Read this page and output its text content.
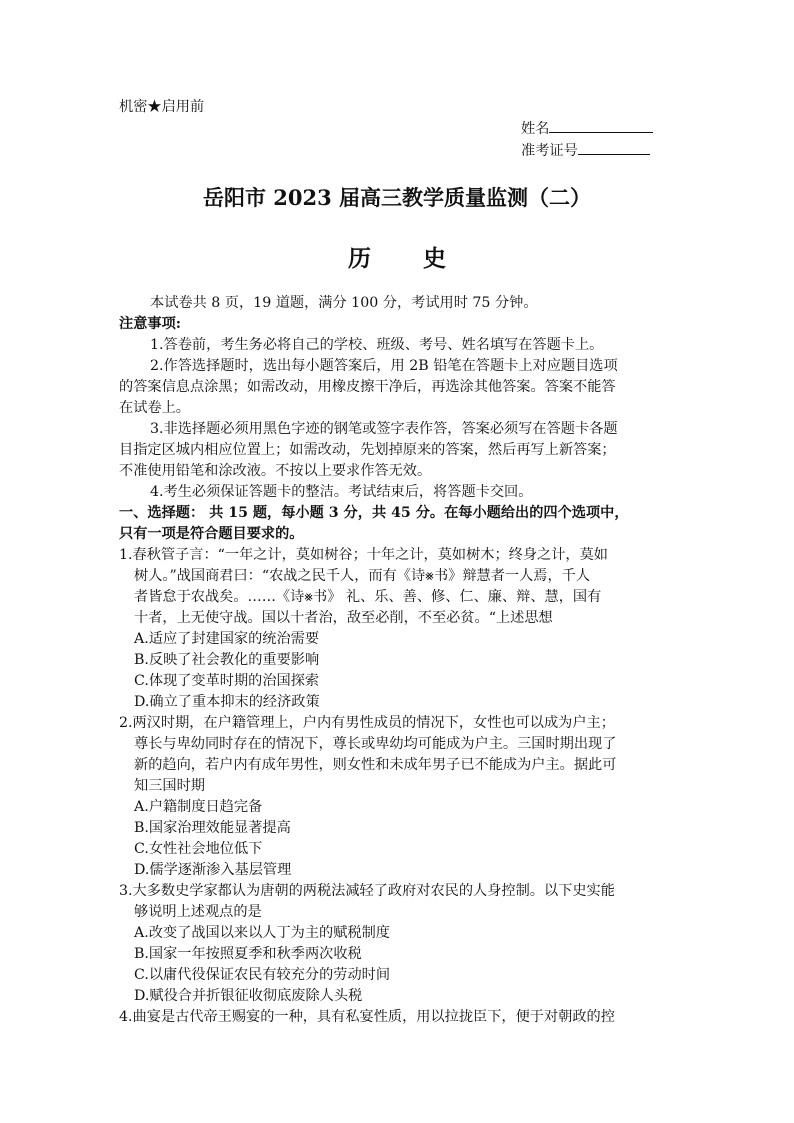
机密★启用前
姓名
准考证号
岳阳市 2023 届高三教学质量监测（二）
历 史
本试卷共 8 页，19 道题，满分 100 分，考试用时 75 分钟。
注意事项:
1.答卷前，考生务必将自己的学校、班级、考号、姓名填写在答题卡上。
2.作答选择题时，选出每小题答案后，用 2B 铅笔在答题卡上对应题目选项
的答案信息点涂黑；如需改动，用橡皮擦干净后，再选涂其他答案。答案不能答
在试卷上。
3.非选择题必须用黑色字迹的钢笔或签字表作答，答案必须写在答题卡各题
目指定区城内相应位置上；如需改动，先划掉原来的答案，然后再写上新答案；
不准使用铅笔和涂改液。不按以上要求作答无效。
4.考生必须保证答题卡的整洁。考试结束后，将答题卡交回。
一、选择题： 共 15 题，每小题 3 分，共 45 分。在每小题给出的四个选项中，
只有一项是符合题目要求的。
1.春秋管子言：“一年之计，莫如树谷；十年之计，莫如树木；终身之计，莫如
树人。”战国商君曰：“农战之民千人，而有《诗⨳书》辩慧者一人焉，千人
者皆怠于农战矣。……《诗⨳书》 礼、乐、善、修、仁、廉、辩、慧，国有
十者，上无使守战。国以十者治，敌至必削，不至必贫。“上述思想
A.适应了封建国家的统治需要
B.反映了社会教化的重要影响
C.体现了变革时期的治国探索
D.确立了重本抑末的经济政策
2.两汉时期，在户籍管理上，户内有男性成员的情况下，女性也可以成为户主；
尊长与卑幼同时存在的情况下，尊长或卑幼均可能成为户主。三国时期出现了
新的趋向，若户内有成年男性，则女性和未成年男子已不能成为户主。据此可
知三国时期
A.户籍制度日趋完备
B.国家治理效能显著提高
C.女性社会地位低下
D.儒学逐渐渗入基层管理
3.大多数史学家都认为唐朝的两税法减轻了政府对农民的人身控制。以下史实能
够说明上述观点的是
A.改变了战国以来以人丁为主的赋税制度
B.国家一年按照夏季和秋季两次收税
C.以庸代役保证农民有较充分的劳动时间
D.赋役合并折银征收彻底废除人头税
4.曲宴是古代帝王赐宴的一种，具有私宴性质，用以拉拢臣下，便于对朝政的控
